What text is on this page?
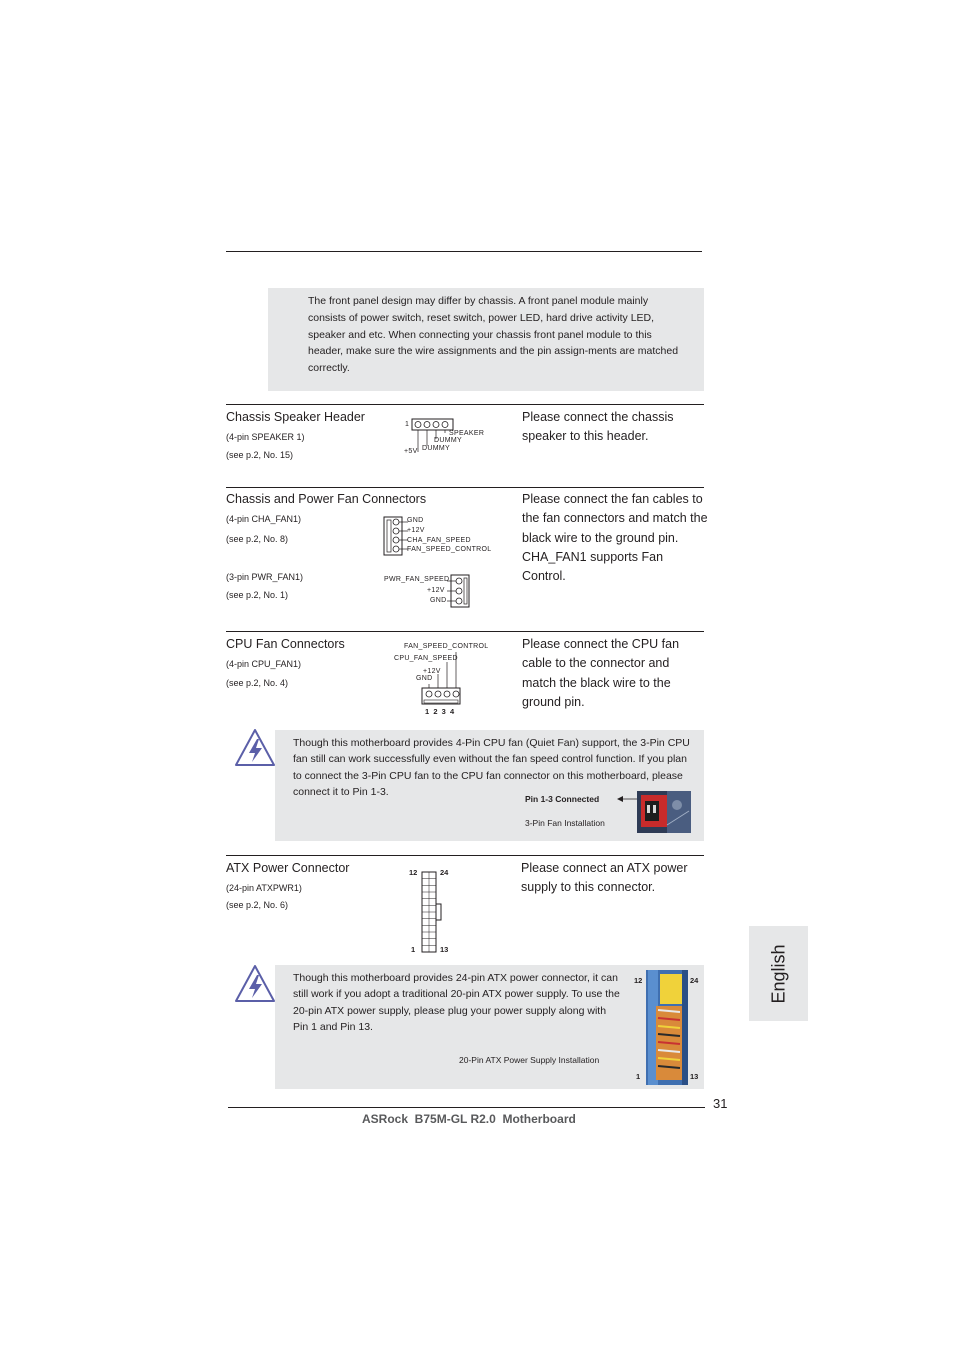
The front panel design may differ by chassis. A front panel module mainly consists of power switch, reset switch, power LED, hard drive activity LED, speaker and etc. When connecting your chassis front panel module to this header, make sure the wire assignments and the pin assign-ments are matched correctly.
Chassis Speaker Header
(4-pin SPEAKER 1)
(see p.2, No. 15)
Please connect the chassis speaker to this header.
1
SPEAKER
DUMMY
DUMMY
+5V
Chassis and Power Fan Connectors
(4-pin CHA_FAN1)
(see p.2, No. 8)
(3-pin PWR_FAN1)
(see p.2, No. 1)
Please connect the fan cables to the fan connectors and match the black wire to the ground pin. CHA_FAN1 supports Fan Control.
GND
+12V
CHA_FAN_SPEED
FAN_SPEED_CONTROL
PWR_FAN_SPEED
+12V
GND
CPU Fan Connectors
(4-pin CPU_FAN1)
(see p.2, No. 4)
Please connect the CPU fan cable to the connector and match the black wire to the ground pin.
FAN_SPEED_CONTROL
CPU_FAN_SPEED
+12V
GND
1  2  3  4
Though this motherboard provides 4-Pin CPU fan (Quiet Fan) support, the 3-Pin CPU fan still can work successfully even without the fan speed control function. If you plan to connect the 3-Pin CPU fan to the CPU fan connector on this motherboard, please connect it to Pin 1-3.
Pin 1-3 Connected
3-Pin Fan Installation
ATX Power Connector
(24-pin ATXPWR1)
(see p.2, No. 6)
Please connect an ATX power supply to this connector.
12	24
1	13
Though this motherboard provides 24-pin ATX power connector, it can still work if you adopt a traditional 20-pin ATX power supply. To use the 20-pin ATX power supply, please plug your power supply along with Pin 1 and Pin 13.
20-Pin ATX Power Supply Installation
12	24
1	13
English
31
ASRock  B75M-GL R2.0  Motherboard
